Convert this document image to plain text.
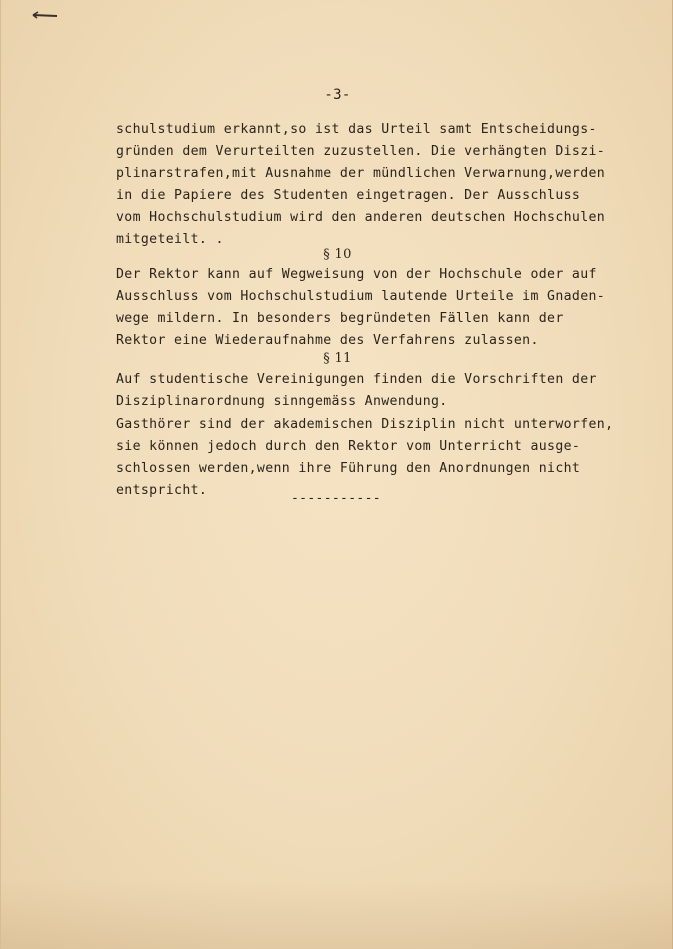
-3-
schulstudium erkannt,so ist das Urteil samt Entscheidungs-
gründen dem Verurteilten zuzustellen. Die verhängten Diszi-
plinarstrafen,mit Ausnahme der mündlichen Verwarnung,werden
in die Papiere des Studenten eingetragen. Der Ausschluss
vom Hochschulstudium wird den anderen deutschen Hochschulen
mitgeteilt. .
§ 10
Der Rektor kann auf Wegweisung von der Hochschule oder auf
Ausschluss vom Hochschulstudium lautende Urteile im Gnaden-
wege mildern. In besonders begründeten Fällen kann der
Rektor eine Wiederaufnahme des Verfahrens zulassen.
§ 11
Auf studentische Vereinigungen finden die Vorschriften der
Disziplinarordnung sinngemäss Anwendung.
Gasthörer sind der akademischen Disziplin nicht unterworfen,
sie können jedoch durch den Rektor vom Unterricht ausge-
schlossen werden,wenn ihre Führung den Anordnungen nicht
entspricht.
-----------
